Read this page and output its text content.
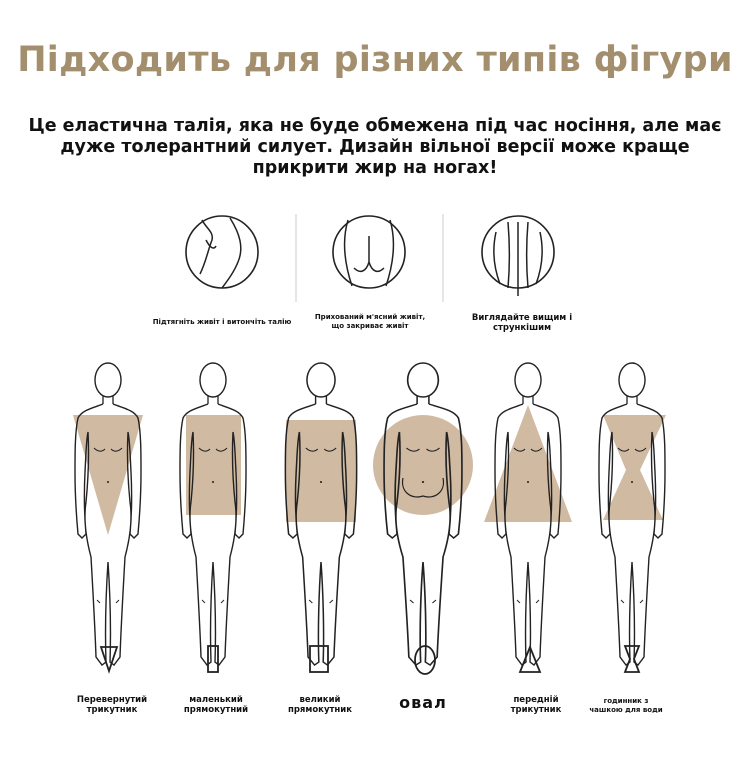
Підходить для різних типів фігури

Це еластична талія, яка не буде обмежена під час носіння, але має дуже толерантний силует. Дизайн вільної версії може краще прикрити жир на ногах!

Підтягніть живіт і витончіть талію
Прихований м'ясний живіт, що закриває живіт
Виглядайте вищим і стрункішим
Перевернутий трикутник
маленький прямокутний
великий прямокутник	овал	передній трикутник
годинник з чашкою для води
